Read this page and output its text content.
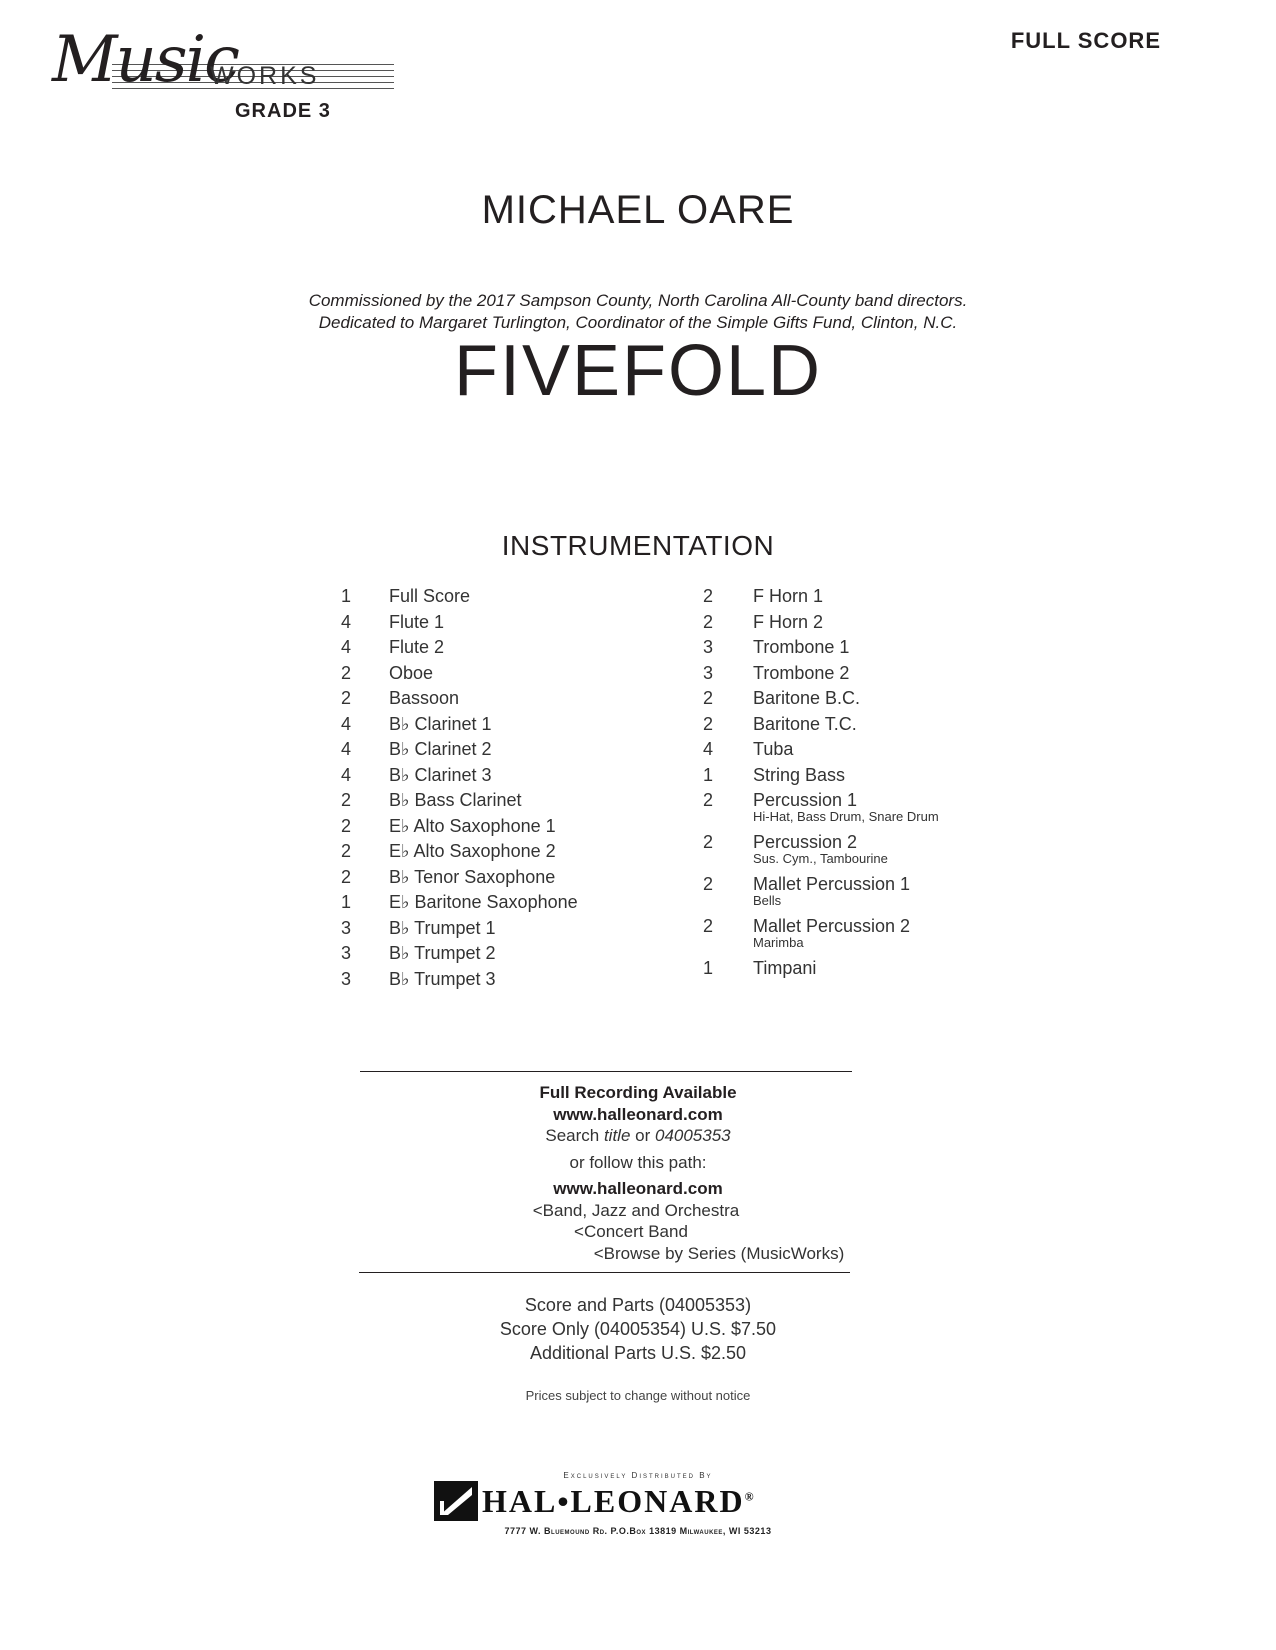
Music
WORKS
GRADE 3
FULL SCORE
MICHAEL OARE
Commissioned by the 2017 Sampson County, North Carolina All-County band directors.
Dedicated to Margaret Turlington, Coordinator of the Simple Gifts Fund, Clinton, N.C.
FIVEFOLD
INSTRUMENTATION
1 Full Score
4 Flute 1
4 Flute 2
2 Oboe
2 Bassoon
4 B♭ Clarinet 1
4 B♭ Clarinet 2
4 B♭ Clarinet 3
2 B♭ Bass Clarinet
2 E♭ Alto Saxophone 1
2 E♭ Alto Saxophone 2
2 B♭ Tenor Saxophone
1 E♭ Baritone Saxophone
3 B♭ Trumpet 1
3 B♭ Trumpet 2
3 B♭ Trumpet 3
2 F Horn 1
2 F Horn 2
3 Trombone 1
3 Trombone 2
2 Baritone B.C.
2 Baritone T.C.
4 Tuba
1 String Bass
2 Percussion 1
Hi-Hat, Bass Drum, Snare Drum
2 Percussion 2
Sus. Cym., Tambourine
2 Mallet Percussion 1
Bells
2 Mallet Percussion 2
Marimba
1 Timpani
Full Recording Available
www.halleonard.com
Search title or 04005353
or follow this path:
www.halleonard.com
<Band, Jazz and Orchestra
<Concert Band
<Browse by Series (MusicWorks)
Score and Parts (04005353)
Score Only (04005354) U.S. $7.50
Additional Parts U.S. $2.50
Prices subject to change without notice
Exclusively Distributed By
HAL•LEONARD®
7777 W. Bluemound Rd. P.O.Box 13819 Milwaukee, WI 53213
